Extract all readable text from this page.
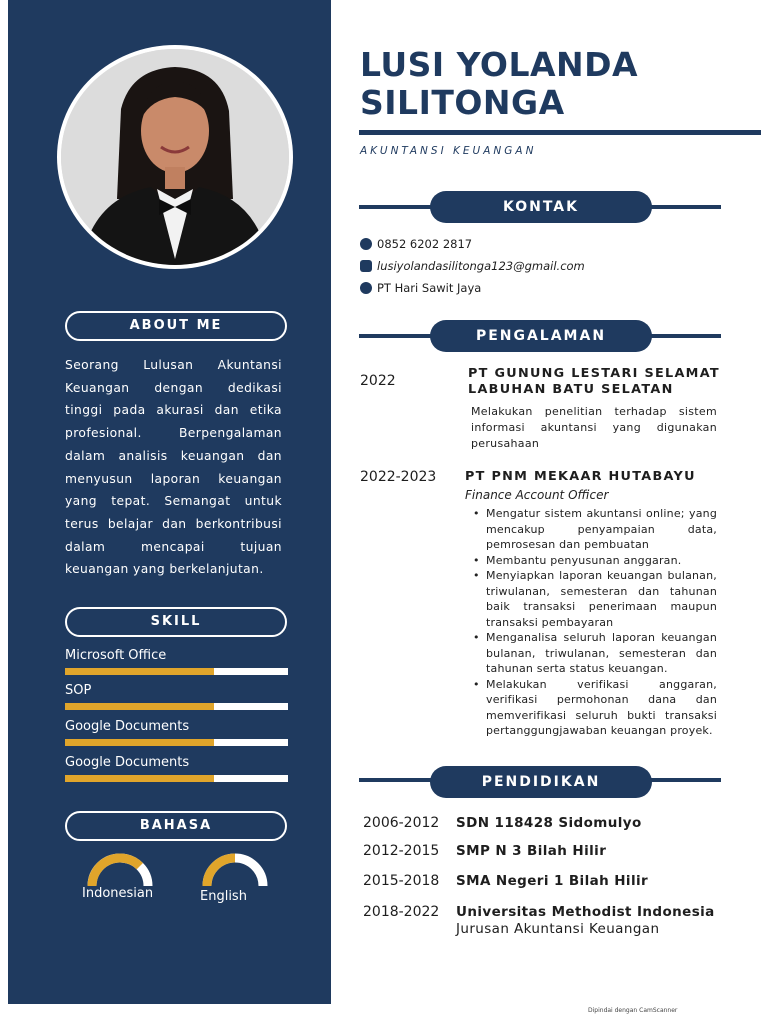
ABOUT ME
Seorang Lulusan Akuntansi Keuangan dengan dedikasi tinggi pada akurasi dan etika profesional. Berpengalaman dalam analisis keuangan dan menyusun laporan keuangan yang tepat. Semangat untuk terus belajar dan berkontribusi dalam mencapai tujuan keuangan yang berkelanjutan.
SKILL
Microsoft Office
SOP
Google Documents
Google Documents
BAHASA
Indonesian	English
LUSI YOLANDA
SILITONGA
AKUNTANSI KEUANGAN
KONTAK
0852 6202 2817
lusiyolandasilitonga123@gmail.com
PT Hari Sawit Jaya
PENGALAMAN
2022	PT GUNUNG LESTARI SELAMAT
LABUHAN BATU SELATAN
Melakukan penelitian terhadap sistem informasi akuntansi yang digunakan perusahaan
2022-2023 PT PNM MEKAAR HUTABAYU
Finance Account Officer
• Mengatur sistem akuntansi online; yang mencakup penyampaian data, pemrosesan dan pembuatan
• Membantu penyusunan anggaran.
• Menyiapkan laporan keuangan bulanan, triwulanan, semesteran dan tahunan baik transaksi penerimaan maupun transaksi pembayaran
• Menganalisa seluruh laporan keuangan bulanan, triwulanan, semesteran dan tahunan serta status keuangan.
• Melakukan verifikasi anggaran, verifikasi permohonan dana dan memverifikasi seluruh bukti transaksi pertanggungjawaban keuangan proyek.
PENDIDIKAN
2006-2012 SDN 118428 Sidomulyo
2012-2015 SMP N 3 Bilah Hilir
2015-2018 SMA Negeri 1 Bilah Hilir
2018-2022 Universitas Methodist Indonesia
Jurusan Akuntansi Keuangan
Dipindai dengan CamScanner
